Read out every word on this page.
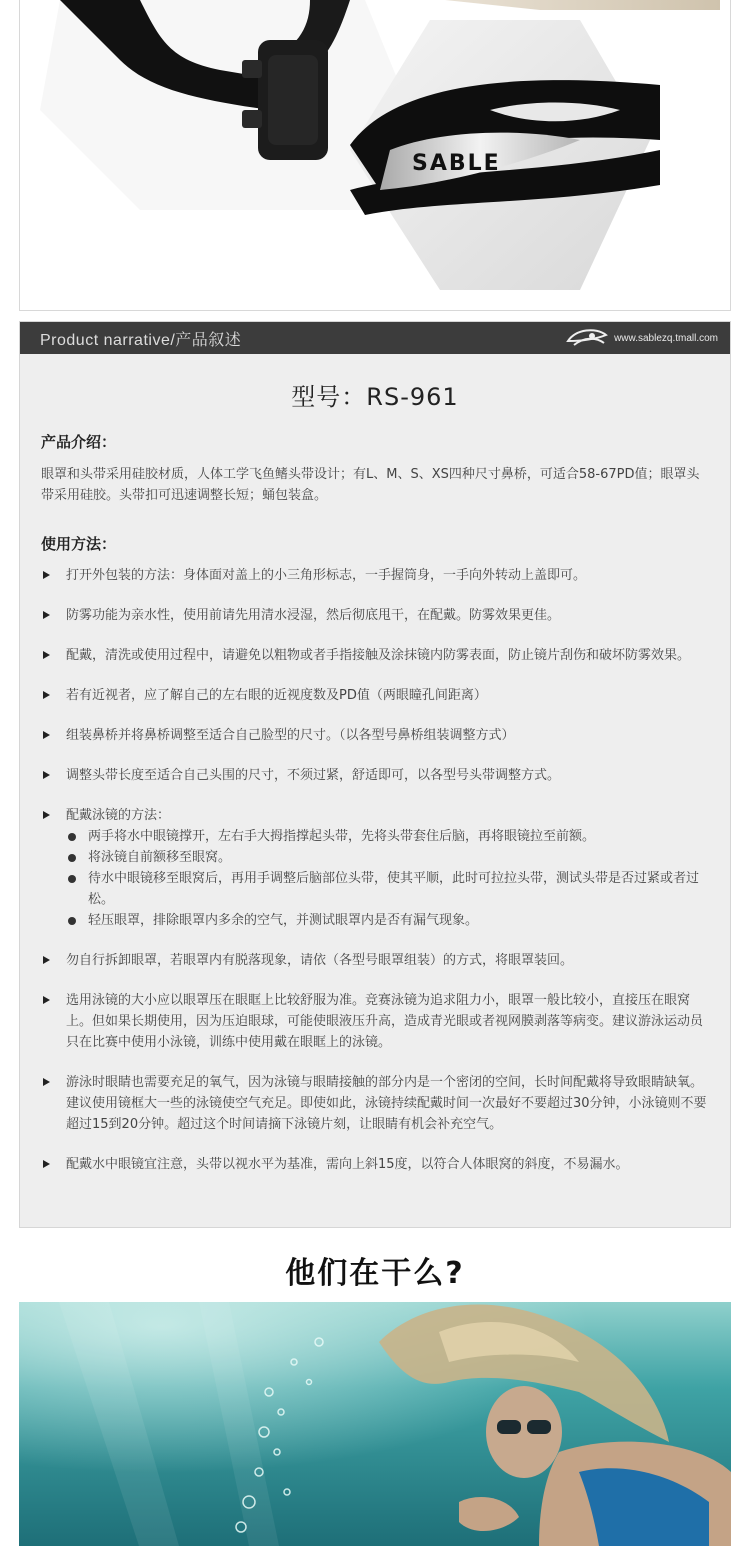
SABLE
Product narrative/产品叙述	www.sablezq.tmall.com
型号：RS-961
产品介绍：

眼罩和头带采用硅胶材质，人体工学飞鱼鳍头带设计；有L、M、S、XS四种尺寸鼻桥，可适合58-67PD值；眼罩头带采用硅胶。头带扣可迅速调整长短；蛹包装盒。

使用方法：
打开外包装的方法：身体面对盖上的小三角形标志，一手握筒身，一手向外转动上盖即可。
防雾功能为亲水性，使用前请先用清水浸湿，然后彻底甩干，在配戴。防雾效果更佳。
配戴，清洗或使用过程中，请避免以粗物或者手指接触及涂抹镜内防雾表面，防止镜片刮伤和破坏防雾效果。
若有近视者，应了解自己的左右眼的近视度数及PD值（两眼瞳孔间距离）
组装鼻桥并将鼻桥调整至适合自己脸型的尺寸。（以各型号鼻桥组装调整方式）
调整头带长度至适合自己头围的尺寸，不须过紧，舒适即可，以各型号头带调整方式。
配戴泳镜的方法：
两手将水中眼镜撑开，左右手大拇指撑起头带，先将头带套住后脑，再将眼镜拉至前额。
将泳镜自前额移至眼窝。
待水中眼镜移至眼窝后，再用手调整后脑部位头带，使其平顺，此时可拉拉头带，测试头带是否过紧或者过松。
轻压眼罩，排除眼罩内多余的空气，并测试眼罩内是否有漏气现象。
勿自行拆卸眼罩，若眼罩内有脱落现象，请依（各型号眼罩组装）的方式，将眼罩装回。
选用泳镜的大小应以眼罩压在眼眶上比较舒服为准。竞赛泳镜为追求阻力小，眼罩一般比较小，直接压在眼窝上。但如果长期使用，因为压迫眼球，可能使眼液压升高，造成青光眼或者视网膜剥落等病变。建议游泳运动员只在比赛中使用小泳镜，训练中使用戴在眼眶上的泳镜。
游泳时眼睛也需要充足的氧气，因为泳镜与眼睛接触的部分内是一个密闭的空间，长时间配戴将导致眼睛缺氧。建议使用镜框大一些的泳镜使空气充足。即使如此，泳镜持续配戴时间一次最好不要超过30分钟，小泳镜则不要超过15到20分钟。超过这个时间请摘下泳镜片刻，让眼睛有机会补充空气。
配戴水中眼镜宜注意，头带以视水平为基准，需向上斜15度，以符合人体眼窝的斜度，不易漏水。
他们在干么?
